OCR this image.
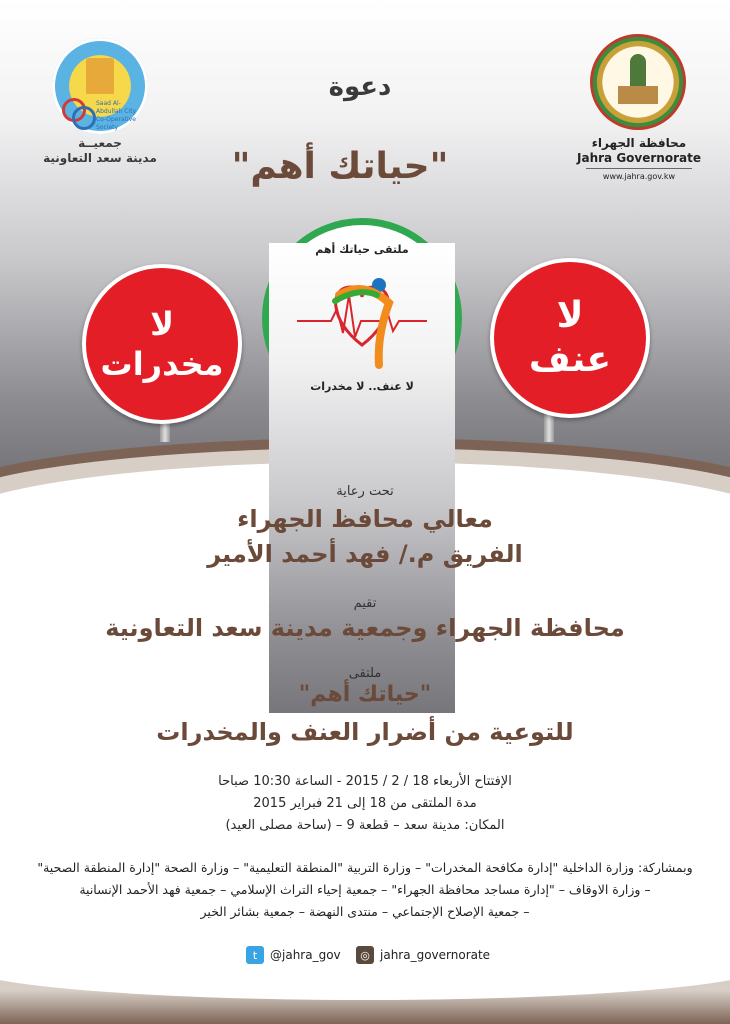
Saad Al-Abdullah City Co-Operative Society
جمعيــة
مدينة سعد التعاونية
محافظة الجهراء
Jahra Governorate
www.jahra.gov.kw
دعوة
"حياتك أهم"
لا
مخدرات
لا
عنف
ملتقى حياتك أهم
لا عنف.. لا مخدرات
تحت رعاية
معالي محافظ الجهراء
الفريق م./ فهد أحمد الأمير
تقيم
محافظة الجهراء وجمعية مدينة سعد التعاونية
ملتقى
"حياتك أهم"
للتوعية من أضرار العنف والمخدرات
الإفتتاح الأربعاء 18 / 2 / 2015 - الساعة 10:30 صباحا
مدة الملتقى من 18 إلى 21 فبراير 2015
المكان: مدينة سعد – قطعة 9 – (ساحة مصلى العيد)
وبمشاركة: وزارة الداخلية "إدارة مكافحة المخدرات" – وزارة التربية "المنطقة التعليمية" – وزارة الصحة "إدارة المنطقة الصحية"
– وزارة الاوقاف – "إدارة مساجد محافظة الجهراء" – جمعية إحياء التراث الإسلامي – جمعية فهد الأحمد الإنسانية
– جمعية الإصلاح الإجتماعي – منتدى النهضة – جمعية بشائر الخير
t	@jahra_gov	◎ jahra_governorate
